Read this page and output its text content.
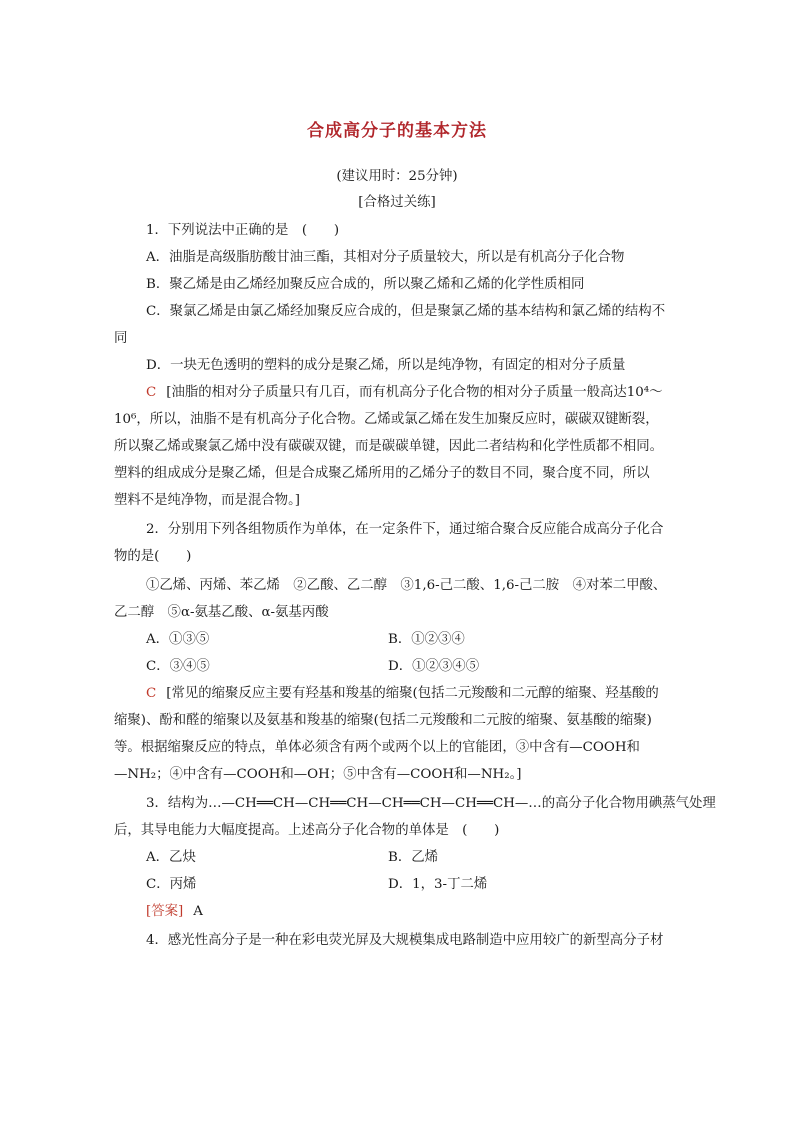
合成高分子的基本方法
(建议用时：25分钟)
[合格过关练]
1．下列说法中正确的是　(　　)
A．油脂是高级脂肪酸甘油三酯，其相对分子质量较大，所以是有机高分子化合物
B．聚乙烯是由乙烯经加聚反应合成的，所以聚乙烯和乙烯的化学性质相同
C．聚氯乙烯是由氯乙烯经加聚反应合成的，但是聚氯乙烯的基本结构和氯乙烯的结构不
同
D．一块无色透明的塑料的成分是聚乙烯，所以是纯净物，有固定的相对分子质量
C [油脂的相对分子质量只有几百，而有机高分子化合物的相对分子质量一般高达10⁴～
10⁶，所以，油脂不是有机高分子化合物。乙烯或氯乙烯在发生加聚反应时，碳碳双键断裂，
所以聚乙烯或聚氯乙烯中没有碳碳双键，而是碳碳单键，因此二者结构和化学性质都不相同。
塑料的组成成分是聚乙烯，但是合成聚乙烯所用的乙烯分子的数目不同，聚合度不同，所以
塑料不是纯净物，而是混合物。]
2．分别用下列各组物质作为单体，在一定条件下，通过缩合聚合反应能合成高分子化合
物的是(　　)
①乙烯、丙烯、苯乙烯　②乙酸、乙二醇　③1,6-己二酸、1,6-己二胺　④对苯二甲酸、
乙二醇　⑤α-氨基乙酸、α-氨基丙酸
A．①③⑤	B．①②③④
C．③④⑤	D．①②③④⑤
C [常见的缩聚反应主要有羟基和羧基的缩聚(包括二元羧酸和二元醇的缩聚、羟基酸的
缩聚)、酚和醛的缩聚以及氨基和羧基的缩聚(包括二元羧酸和二元胺的缩聚、氨基酸的缩聚)
等。根据缩聚反应的特点，单体必须含有两个或两个以上的官能团，③中含有—COOH和
—NH₂；④中含有—COOH和—OH；⑤中含有—COOH和—NH₂。]
3．结构为…—CH══CH—CH══CH—CH══CH—CH══CH—…的高分子化合物用碘蒸气处理
后，其导电能力大幅度提高。上述高分子化合物的单体是　(　　)
A．乙炔	B．乙烯
C．丙烯	D．1，3-丁二烯
[答案] A
4．感光性高分子是一种在彩电荧光屏及大规模集成电路制造中应用较广的新型高分子材
